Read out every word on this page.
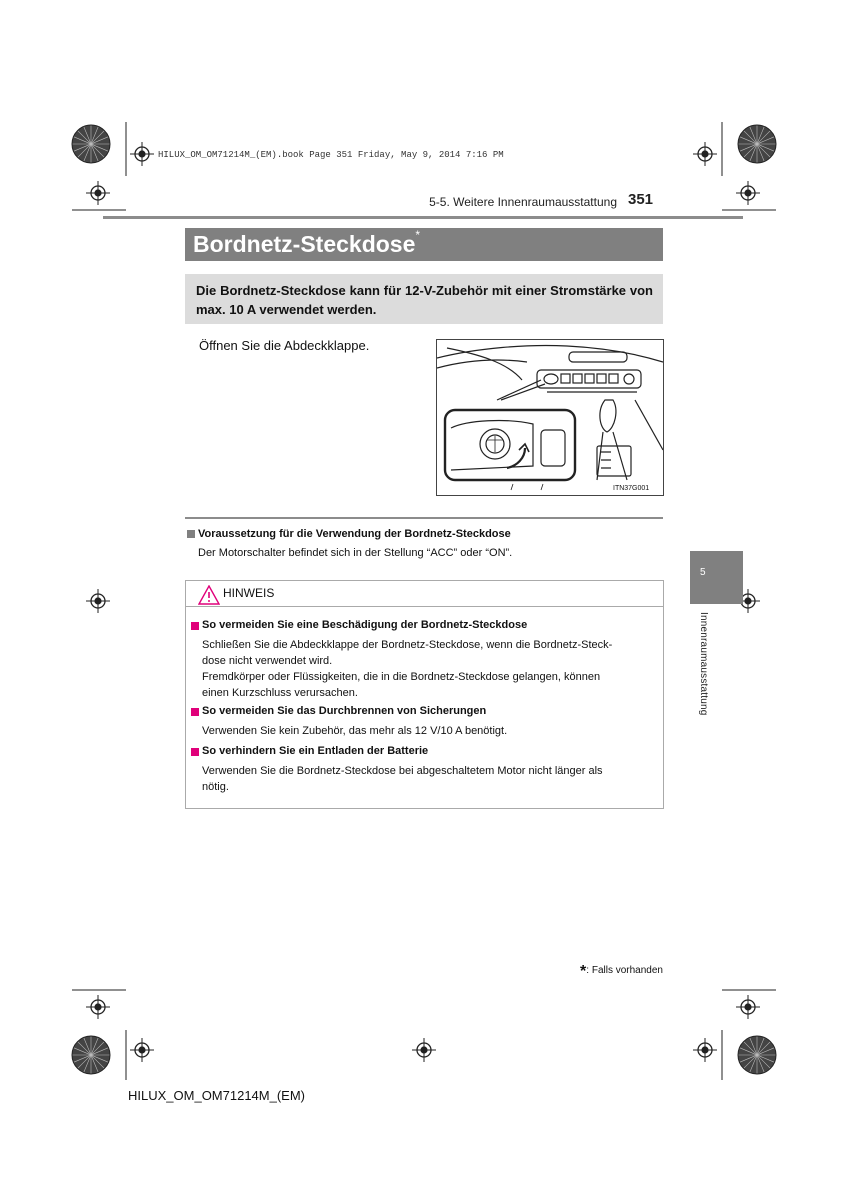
HILUX_OM_OM71214M_(EM).book Page 351 Friday, May 9, 2014 7:16 PM
5-5. Weitere Innenraumausstattung 351
Bordnetz-Steckdose*
Die Bordnetz-Steckdose kann für 12-V-Zubehör mit einer Stromstärke von max. 10 A verwendet werden.
Öffnen Sie die Abdeckklappe.
ITN37G001
Voraussetzung für die Verwendung der Bordnetz-Steckdose
Der Motorschalter befindet sich in der Stellung “ACC” oder “ON”.
5
Innenraumausstattung
HINWEIS
So vermeiden Sie eine Beschädigung der Bordnetz-Steckdose
Schließen Sie die Abdeckklappe der Bordnetz-Steckdose, wenn die Bordnetz-Steck-
dose nicht verwendet wird.
Fremdkörper oder Flüssigkeiten, die in die Bordnetz-Steckdose gelangen, können
einen Kurzschluss verursachen.
So vermeiden Sie das Durchbrennen von Sicherungen
Verwenden Sie kein Zubehör, das mehr als 12 V/10 A benötigt.
So verhindern Sie ein Entladen der Batterie
Verwenden Sie die Bordnetz-Steckdose bei abgeschaltetem Motor nicht länger als
nötig.
*: Falls vorhanden
HILUX_OM_OM71214M_(EM)
